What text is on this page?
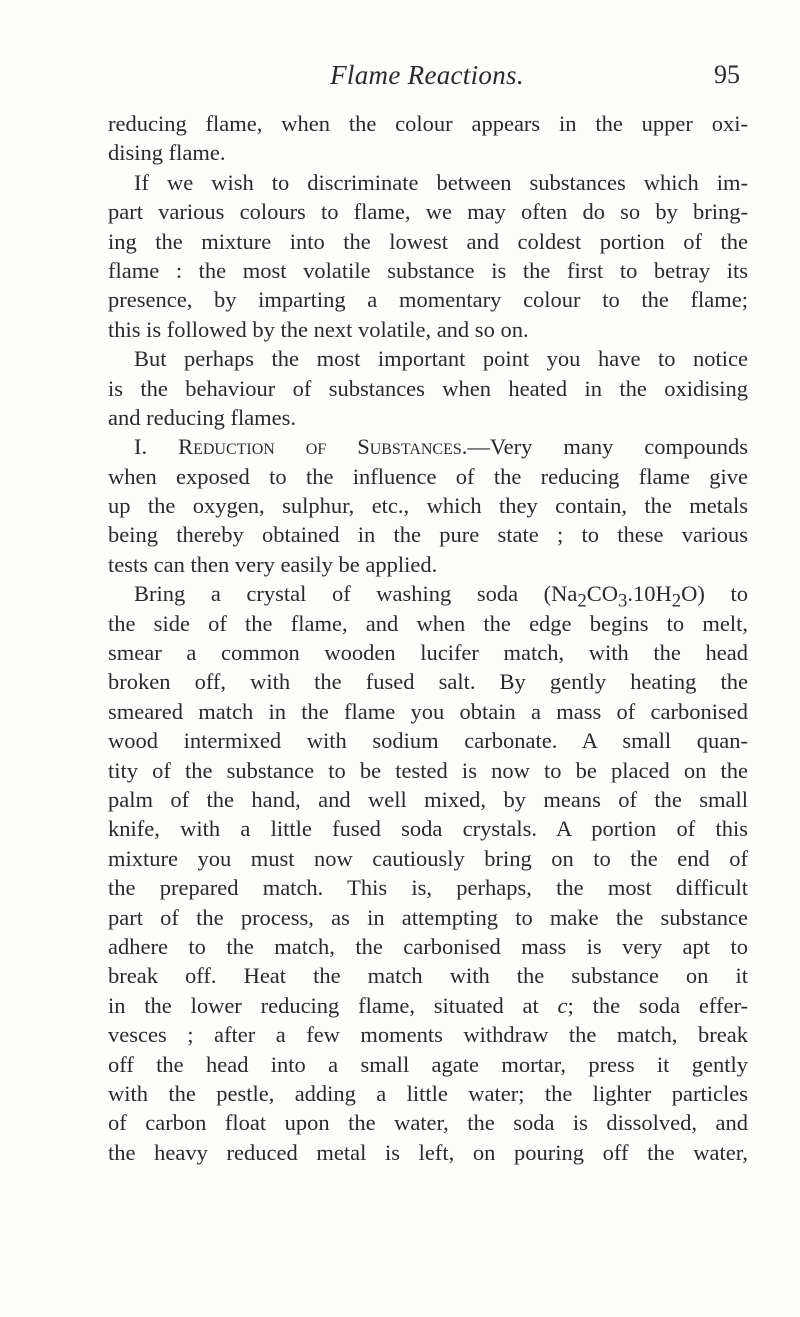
Flame Reactions.	95
reducing flame, when the colour appears in the upper oxi-
dising flame.
If we wish to discriminate between substances which im-
part various colours to flame, we may often do so by bring-
ing the mixture into the lowest and coldest portion of the
flame : the most volatile substance is the first to betray its
presence, by imparting a momentary colour to the flame;
this is followed by the next volatile, and so on.
But perhaps the most important point you have to notice
is the behaviour of substances when heated in the oxidising
and reducing flames.
I. Reduction of Substances.—Very many compounds
when exposed to the influence of the reducing flame give
up the oxygen, sulphur, etc., which they contain, the metals
being thereby obtained in the pure state ; to these various
tests can then very easily be applied.
Bring a crystal of washing soda $(Na_2CO_3.10H_2O)$ to
the side of the flame, and when the edge begins to melt,
smear a common wooden lucifer match, with the head
broken off, with the fused salt. By gently heating the
smeared match in the flame you obtain a mass of carbonised
wood intermixed with sodium carbonate. A small quan-
tity of the substance to be tested is now to be placed on the
palm of the hand, and well mixed, by means of the small
knife, with a little fused soda crystals. A portion of this
mixture you must now cautiously bring on to the end of
the prepared match. This is, perhaps, the most difficult
part of the process, as in attempting to make the substance
adhere to the match, the carbonised mass is very apt to
break off. Heat the match with the substance on it
in the lower reducing flame, situated at c; the soda effer-
vesces ; after a few moments withdraw the match, break
off the head into a small agate mortar, press it gently
with the pestle, adding a little water; the lighter particles
of carbon float upon the water, the soda is dissolved, and
the heavy reduced metal is left, on pouring off the water,
